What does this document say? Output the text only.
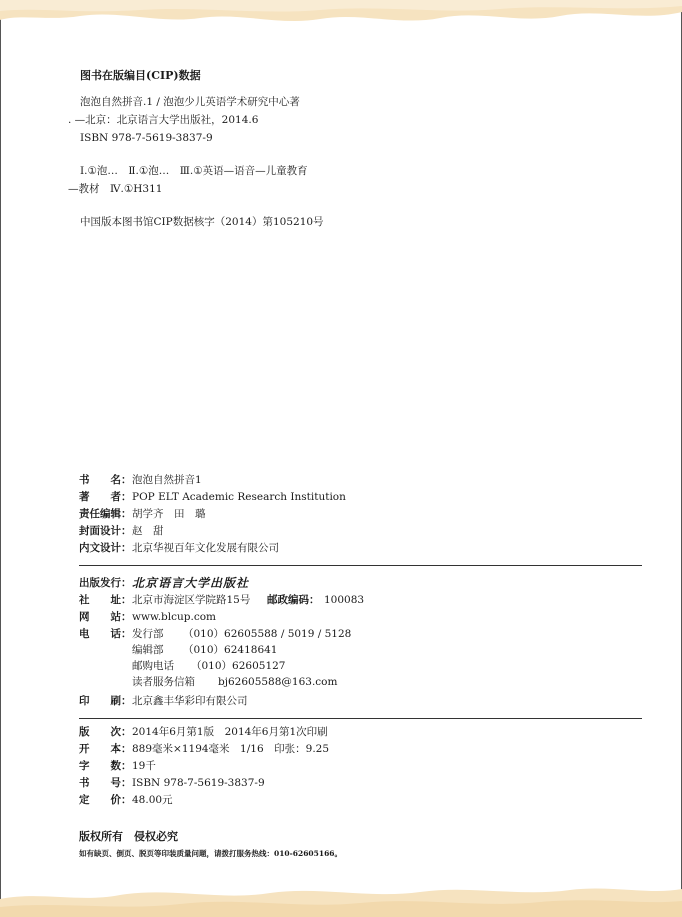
图书在版编目(CIP)数据
泡泡自然拼音.1 / 泡泡少儿英语学术研究中心著
. —北京：北京语言大学出版社，2014.6
ISBN 978-7-5619-3837-9
Ⅰ.①泡…　Ⅱ.①泡…　Ⅲ.①英语—语音—儿童教育
—教材　Ⅳ.①H311
中国版本图书馆CIP数据核字（2014）第105210号
书　　名： 泡泡自然拼音1
著　　者： POP ELT Academic Research Institution
责任编辑： 胡学齐　田　璐
封面设计： 赵　甜
内文设计： 北京华视百年文化发展有限公司
出版发行： 北京语言大学出版社
社　　址： 北京市海淀区学院路15号 邮政编码： 100083
网　　站： www.blcup.com
电　　话： 发行部 （010）62605588 / 5019 / 5128
编辑部 （010）62418641
邮购电话 （010）62605127
读者服务信箱 bj62605588@163.com
印　　刷： 北京鑫丰华彩印有限公司
版　　次： 2014年6月第1版　2014年6月第1次印刷
开　　本： 889毫米×1194毫米　1/16　印张：9.25
字　　数： 19千
书　　号： ISBN 978-7-5619-3837-9
定　　价： 48.00元
版权所有　侵权必究
如有缺页、倒页、脱页等印装质量问题，请拨打服务热线：010-62605166。
